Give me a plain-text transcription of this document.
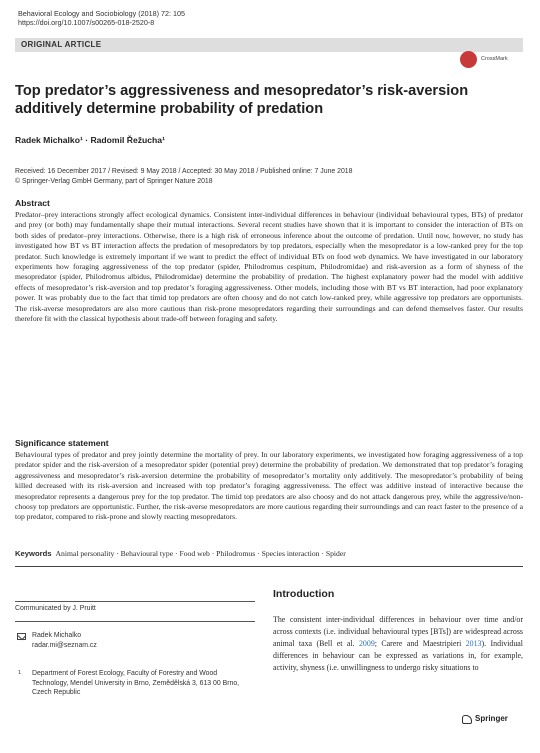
Behavioral Ecology and Sociobiology (2018) 72: 105
https://doi.org/10.1007/s00265-018-2520-8
ORIGINAL ARTICLE
CrossMark
Top predator’s aggressiveness and mesopredator’s risk-aversion additively determine probability of predation
Radek Michalko¹ · Radomil Řežucha¹
Received: 16 December 2017 / Revised: 9 May 2018 / Accepted: 30 May 2018 / Published online: 7 June 2018
© Springer-Verlag GmbH Germany, part of Springer Nature 2018
Abstract

Predator–prey interactions strongly affect ecological dynamics. Consistent inter-individual differences in behaviour (individual behavioural types, BTs) of predator and prey (or both) may fundamentally shape their mutual interactions. Several recent studies have shown that it is important to consider the interaction of BTs on both sides of predator–prey interactions. Otherwise, there is a high risk of erroneous inference about the outcome of predation. Until now, however, no study has investigated how BT vs BT interaction affects the predation of mesopredators by top predators, especially when the mesopredator is a low-ranked prey for the top predator. Such knowledge is extremely important if we want to predict the effect of individual BTs on food web dynamics. We have investigated in our laboratory experiments how foraging aggressiveness of the top predator (spider, Philodromus cespitum, Philodromidae) and risk-aversion as a form of shyness of the mesopredator (spider, Philodromus albidus, Philodromidae) determine the probability of predation. The highest explanatory power had the model with additive effects of mesopredator’s risk-aversion and top predator’s foraging aggressiveness. Other models, including those with BT vs BT interaction, had poor explanatory power. It was probably due to the fact that timid top predators are often choosy and do not catch low-ranked prey, while aggressive top predators are opportunists. The risk-averse mesopredators are also more cautious than risk-prone mesopredators regarding their surroundings and can defend themselves faster. Our results therefore fit with the classical hypothesis about trade-off between foraging and safety.

Significance statement

Behavioural types of predator and prey jointly determine the mortality of prey. In our laboratory experiments, we investigated how foraging aggressiveness of a top predator spider and the risk-aversion of a mesopredator spider (potential prey) determine the probability of predation. We demonstrated that top predator’s foraging aggressiveness and mesopredator’s risk-aversion determine the probability of mesopredator’s mortality only additively. The mesopredator’s probability of being killed decreased with its risk-aversion and increased with top predator’s foraging aggressiveness. The effect was additive instead of interactive because the mesopredator represents a dangerous prey for the top predator. The timid top predators are also choosy and do not attack dangerous prey, while the aggressive/non-choosy top predators are opportunistic. Further, the risk-averse mesopredators are more cautious regarding their surroundings and can react faster to the presence of a top predator, compared to risk-prone and slowly reacting mesopredators.

Keywords Animal personality · Behavioural type · Food web · Philodromus · Species interaction · Spider
Communicated by J. Pruitt
Radek Michalko
radar.mi@seznam.cz
1 Department of Forest Ecology, Faculty of Forestry and Wood Technology, Mendel University in Brno, Zemědělská 3, 613 00 Brno, Czech Republic
Introduction

The consistent inter-individual differences in behaviour over time and/or across contexts (i.e. individual behavioural types [BTs]) are widespread across animal taxa (Bell et al. 2009; Carere and Maestripieri 2013). Individual differences in behaviour can be expressed as variations in, for example, activity, shyness (i.e. unwillingness to undergo risky situations to

Springer
